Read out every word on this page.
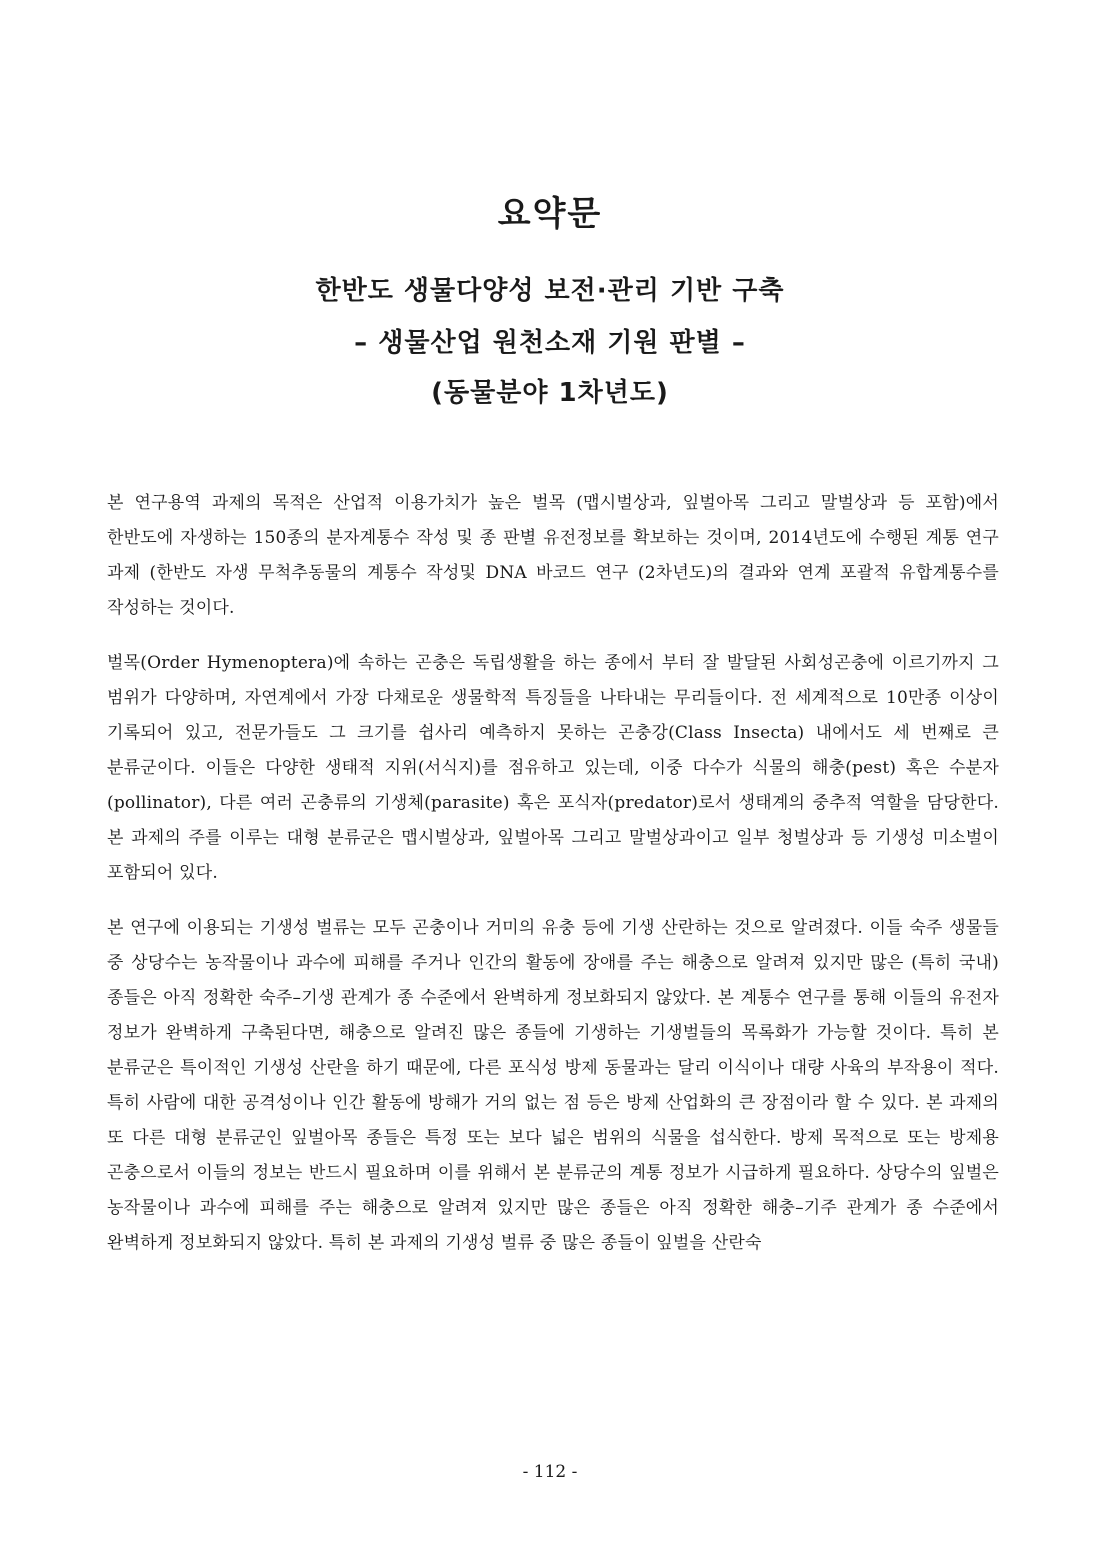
요약문
한반도 생물다양성 보전·관리 기반 구축
– 생물산업 원천소재 기원 판별 –
(동물분야 1차년도)

본 연구용역 과제의 목적은 산업적 이용가치가 높은 벌목 (맵시벌상과, 잎벌아목 그리고 말벌상과 등 포함)에서 한반도에 자생하는 150종의 분자계통수 작성 및 종 판별 유전정보를 확보하는 것이며, 2014년도에 수행된 계통 연구 과제 (한반도 자생 무척추동물의 계통수 작성및 DNA 바코드 연구 (2차년도)의 결과와 연계 포괄적 유합계통수를 작성하는 것이다.

벌목(Order Hymenoptera)에 속하는 곤충은 독립생활을 하는 종에서 부터 잘 발달된 사회성곤충에 이르기까지 그 범위가 다양하며, 자연계에서 가장 다채로운 생물학적 특징들을 나타내는 무리들이다. 전 세계적으로 10만종 이상이 기록되어 있고, 전문가들도 그 크기를 쉽사리 예측하지 못하는 곤충강(Class Insecta) 내에서도 세 번째로 큰 분류군이다. 이들은 다양한 생태적 지위(서식지)를 점유하고 있는데, 이중 다수가 식물의 해충(pest) 혹은 수분자(pollinator), 다른 여러 곤충류의 기생체(parasite) 혹은 포식자(predator)로서 생태계의 중추적 역할을 담당한다. 본 과제의 주를 이루는 대형 분류군은 맵시벌상과, 잎벌아목 그리고 말벌상과이고 일부 청벌상과 등 기생성 미소벌이 포함되어 있다.

본 연구에 이용되는 기생성 벌류는 모두 곤충이나 거미의 유충 등에 기생 산란하는 것으로 알려졌다. 이들 숙주 생물들 중 상당수는 농작물이나 과수에 피해를 주거나 인간의 활동에 장애를 주는 해충으로 알려져 있지만 많은 (특히 국내) 종들은 아직 정확한 숙주–기생 관계가 종 수준에서 완벽하게 정보화되지 않았다. 본 계통수 연구를 통해 이들의 유전자 정보가 완벽하게 구축된다면, 해충으로 알려진 많은 종들에 기생하는 기생벌들의 목록화가 가능할 것이다. 특히 본 분류군은 특이적인 기생성 산란을 하기 때문에, 다른 포식성 방제 동물과는 달리 이식이나 대량 사육의 부작용이 적다. 특히 사람에 대한 공격성이나 인간 활동에 방해가 거의 없는 점 등은 방제 산업화의 큰 장점이라 할 수 있다. 본 과제의 또 다른 대형 분류군인 잎벌아목 종들은 특정 또는 보다 넓은 범위의 식물을 섭식한다. 방제 목적으로 또는 방제용 곤충으로서 이들의 정보는 반드시 필요하며 이를 위해서 본 분류군의 계통 정보가 시급하게 필요하다. 상당수의 잎벌은 농작물이나 과수에 피해를 주는 해충으로 알려져 있지만 많은 종들은 아직 정확한 해충–기주 관계가 종 수준에서 완벽하게 정보화되지 않았다. 특히 본 과제의 기생성 벌류 중 많은 종들이 잎벌을 산란숙

- 112 -
